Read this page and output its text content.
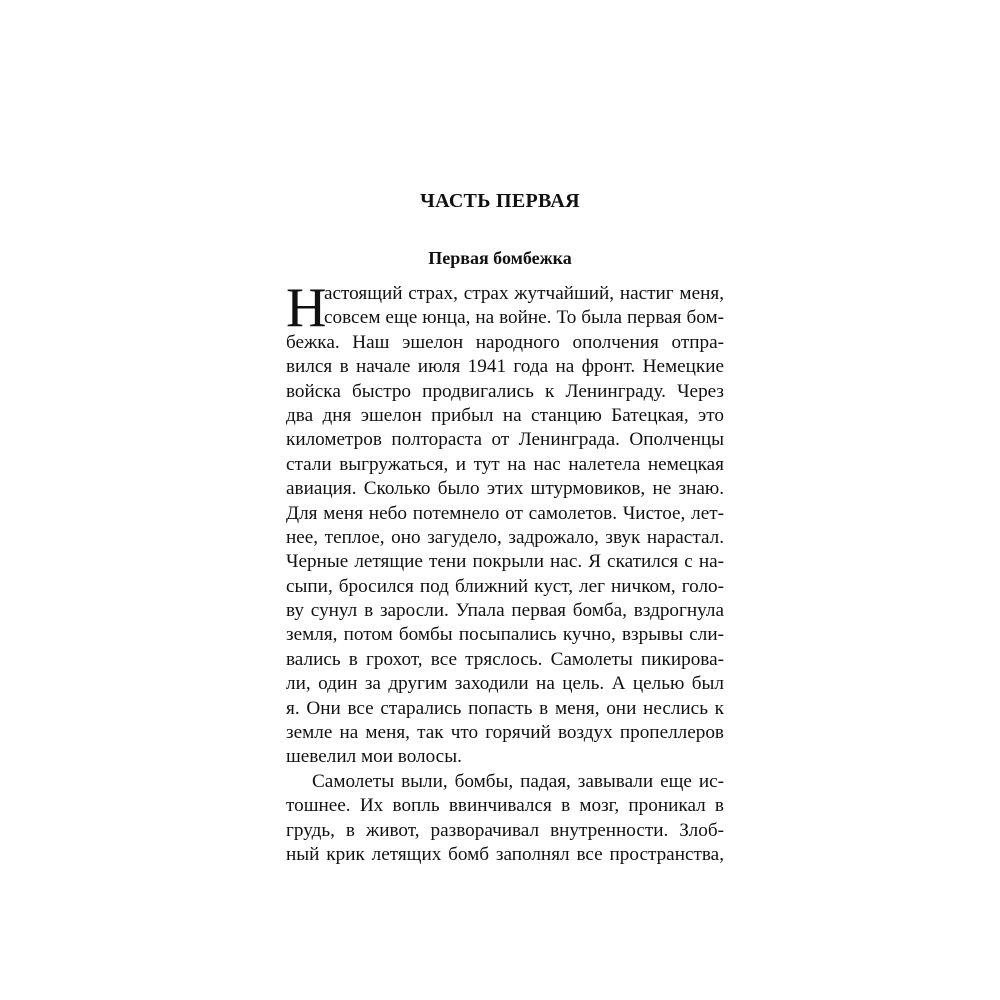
ЧАСТЬ ПЕРВАЯ
Первая бомбежка
Н
астоящий страх, страх жутчайший, настиг меня,
совсем еще юнца, на войне. То была первая бом-
бежка. Наш эшелон народного ополчения отпра-
вился в начале июля 1941 года на фронт. Немецкие
войска быстро продвигались к Ленинграду. Через
два дня эшелон прибыл на станцию Батецкая, это
километров полтораста от Ленинграда. Ополченцы
стали выгружаться, и тут на нас налетела немецкая
авиация. Сколько было этих штурмовиков, не знаю.
Для меня небо потемнело от самолетов. Чистое, лет-
нее, теплое, оно загудело, задрожало, звук нарастал.
Черные летящие тени покрыли нас. Я скатился с на-
сыпи, бросился под ближний куст, лег ничком, голо-
ву сунул в заросли. Упала первая бомба, вздрогнула
земля, потом бомбы посыпались кучно, взрывы сли-
вались в грохот, все тряслось. Самолеты пикирова-
ли, один за другим заходили на цель. А целью был
я. Они все старались попасть в меня, они неслись к
земле на меня, так что горячий воздух пропеллеров
шевелил мои волосы.
Самолеты выли, бомбы, падая, завывали еще ис-
тошнее. Их вопль ввинчивался в мозг, проникал в
грудь, в живот, разворачивал внутренности. Злоб-
ный крик летящих бомб заполнял все пространства,
